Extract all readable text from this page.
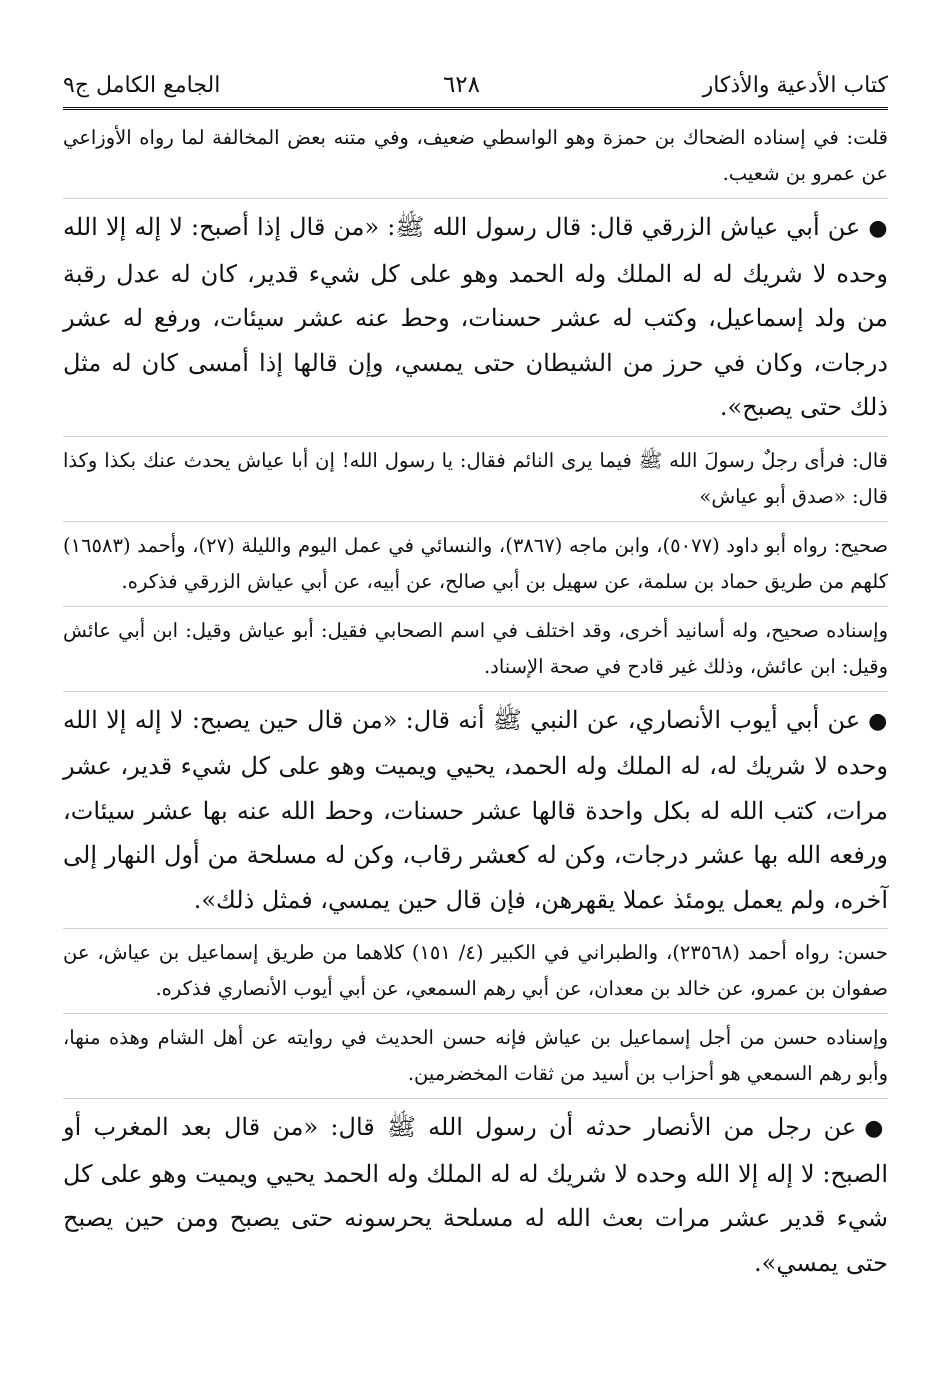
كتاب الأدعية والأذكار
٦٢٨
الجامع الكامل ج٩

قلت: في إسناده الضحاك بن حمزة وهو الواسطي ضعيف، وفي متنه بعض المخالفة لما رواه الأوزاعي عن عمرو بن شعيب.

●عن أبي عياش الزرقي قال: قال رسول الله ﷺ: «من قال إذا أصبح: لا إله إلا الله وحده لا شريك له له الملك وله الحمد وهو على كل شيء قدير، كان له عدل رقبة من ولد إسماعيل، وكتب له عشر حسنات، وحط عنه عشر سيئات، ورفع له عشر درجات، وكان في حرز من الشيطان حتى يمسي، وإن قالها إذا أمسى كان له مثل ذلك حتى يصبح».

قال: فرأى رجلٌ رسولَ الله ﷺ فيما يرى النائم فقال: يا رسول الله! إن أبا عياش يحدث عنك بكذا وكذا قال: «صدق أبو عياش»

صحيح: رواه أبو داود (٥٠٧٧)، وابن ماجه (٣٨٦٧)، والنسائي في عمل اليوم والليلة (٢٧)، وأحمد (١٦٥٨٣) كلهم من طريق حماد بن سلمة، عن سهيل بن أبي صالح، عن أبيه، عن أبي عياش الزرقي فذكره.

وإسناده صحيح، وله أسانيد أخرى، وقد اختلف في اسم الصحابي فقيل: أبو عياش وقيل: ابن أبي عائش وقيل: ابن عائش، وذلك غير قادح في صحة الإسناد.

●عن أبي أيوب الأنصاري، عن النبي ﷺ أنه قال: «من قال حين يصبح: لا إله إلا الله وحده لا شريك له، له الملك وله الحمد، يحيي ويميت وهو على كل شيء قدير، عشر مرات، كتب الله له بكل واحدة قالها عشر حسنات، وحط الله عنه بها عشر سيئات، ورفعه الله بها عشر درجات، وكن له كعشر رقاب، وكن له مسلحة من أول النهار إلى آخره، ولم يعمل يومئذ عملا يقهرهن، فإن قال حين يمسي، فمثل ذلك».

حسن: رواه أحمد (٢٣٥٦٨)، والطبراني في الكبير (٤/ ١٥١) كلاهما من طريق إسماعيل بن عياش، عن صفوان بن عمرو، عن خالد بن معدان، عن أبي رهم السمعي، عن أبي أيوب الأنصاري فذكره.

وإسناده حسن من أجل إسماعيل بن عياش فإنه حسن الحديث في روايته عن أهل الشام وهذه منها، وأبو رهم السمعي هو أحزاب بن أسيد من ثقات المخضرمين.

●عن رجل من الأنصار حدثه أن رسول الله ﷺ قال: «من قال بعد المغرب أو الصبح: لا إله إلا الله وحده لا شريك له له الملك وله الحمد يحيي ويميت وهو على كل شيء قدير عشر مرات بعث الله له مسلحة يحرسونه حتى يصبح ومن حين يصبح حتى يمسي».
